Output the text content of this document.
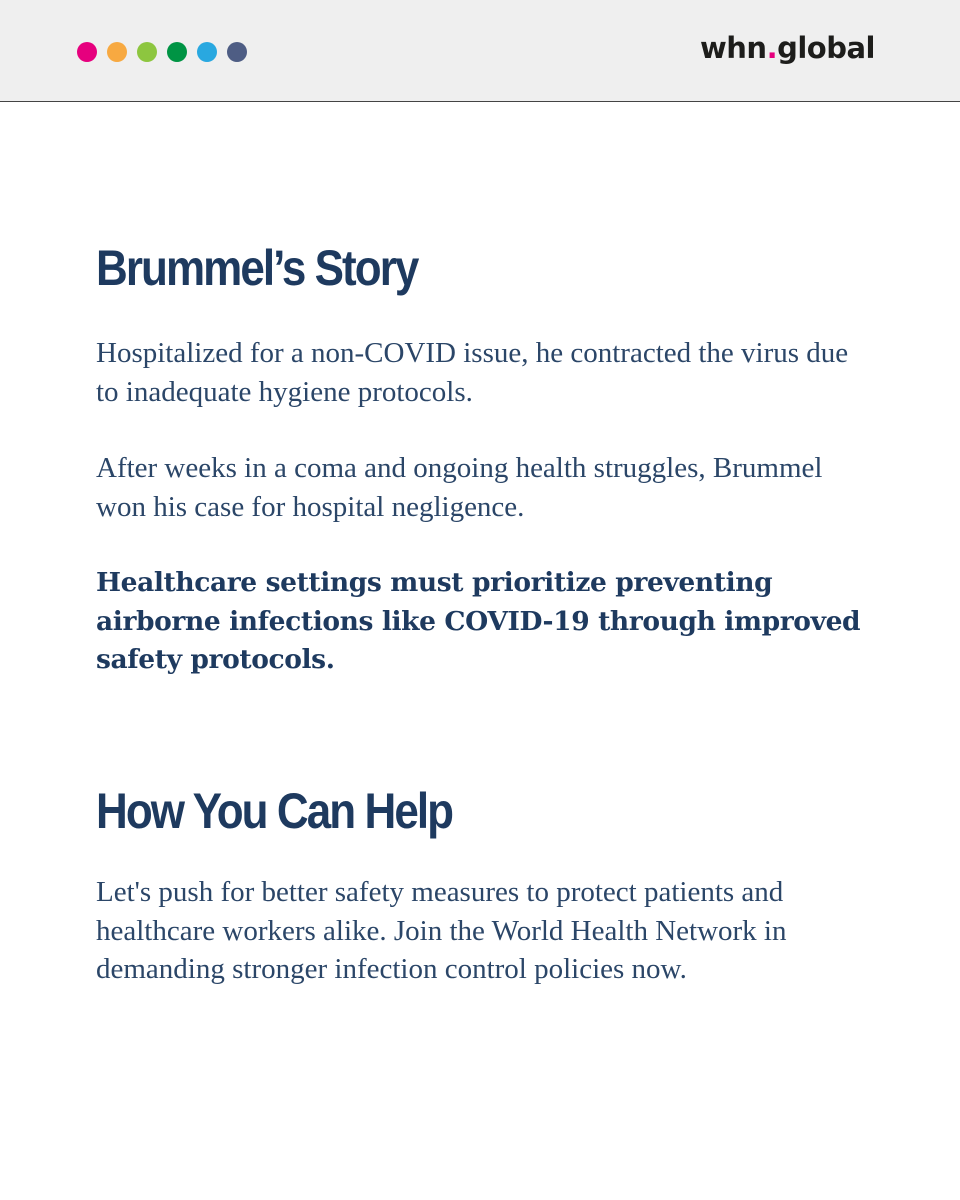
whn.global
Brummel’s Story

Hospitalized for a non-COVID issue, he contracted the virus due to inadequate hygiene protocols.

After weeks in a coma and ongoing health struggles, Brummel won his case for hospital negligence.

Healthcare settings must prioritize preventing airborne infections like COVID-19 through improved safety protocols.

How You Can Help

Let's push for better safety measures to protect patients and healthcare workers alike. Join the World Health Network in demanding stronger infection control policies now.
